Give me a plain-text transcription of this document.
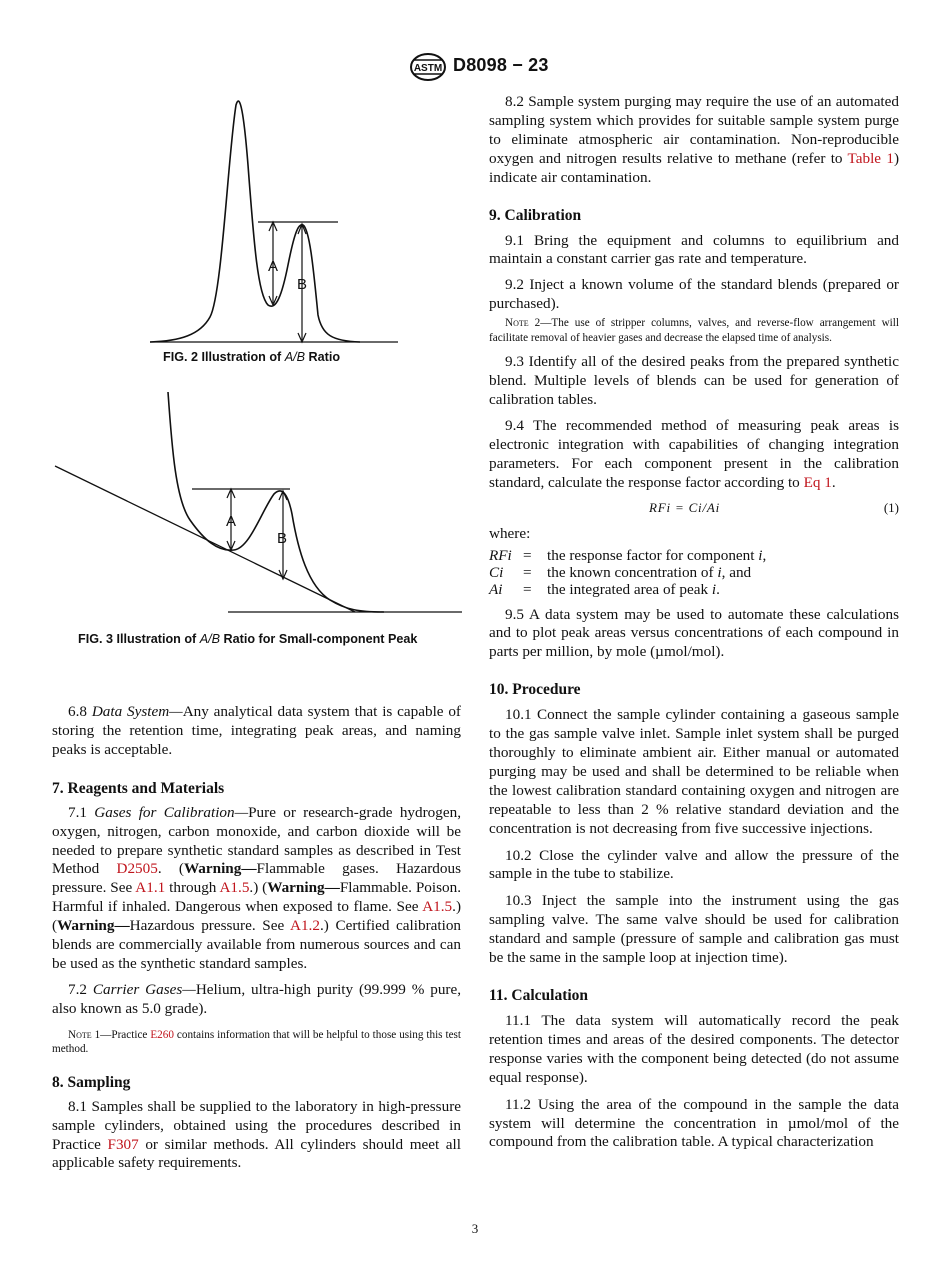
ASTM D8098 − 23
A
B
FIG. 2 Illustration of A/B Ratio
A
B
FIG. 3 Illustration of A/B Ratio for Small-component Peak

6.8 Data System—Any analytical data system that is capable of storing the retention time, integrating peak areas, and naming peaks is acceptable.

7. Reagents and Materials

7.1 Gases for Calibration—Pure or research-grade hydrogen, oxygen, nitrogen, carbon monoxide, and carbon dioxide will be needed to prepare synthetic standard samples as described in Test Method D2505. (Warning—Flammable gases. Hazardous pressure. See A1.1 through A1.5.) (Warning—Flammable. Poison. Harmful if inhaled. Dangerous when exposed to flame. See A1.5.) (Warning—Hazardous pressure. See A1.2.) Certified calibration blends are commercially available from numerous sources and can be used as the synthetic standard samples.

7.2 Carrier Gases—Helium, ultra-high purity (99.999 % pure, also known as 5.0 grade).

Note 1—Practice E260 contains information that will be helpful to those using this test method.

8. Sampling

8.1 Samples shall be supplied to the laboratory in high-pressure sample cylinders, obtained using the procedures described in Practice F307 or similar methods. All cylinders should meet all applicable safety requirements.

8.2 Sample system purging may require the use of an automated sampling system which provides for suitable sample system purge to eliminate atmospheric air contamination. Non-reproducible oxygen and nitrogen results relative to methane (refer to Table 1) indicate air contamination.

9. Calibration

9.1 Bring the equipment and columns to equilibrium and maintain a constant carrier gas rate and temperature.

9.2 Inject a known volume of the standard blends (prepared or purchased).

Note 2—The use of stripper columns, valves, and reverse-flow arrangement will facilitate removal of heavier gases and decrease the elapsed time of analysis.

9.3 Identify all of the desired peaks from the prepared synthetic blend. Multiple levels of blends can be used for generation of calibration tables.

9.4 The recommended method of measuring peak areas is electronic integration with capabilities of changing integration parameters. For each component present in the calibration standard, calculate the response factor according to Eq 1.

RFi = Ci/Ai	(1)
where:
RFi =	the response factor for component i,
Ci	=	the known concentration of i, and
Ai	=	the integrated area of peak i.

9.5 A data system may be used to automate these calculations and to plot peak areas versus concentrations of each compound in parts per million, by mole (µmol/mol).

10. Procedure

10.1 Connect the sample cylinder containing a gaseous sample to the gas sample valve inlet. Sample inlet system shall be purged thoroughly to eliminate ambient air. Either manual or automated purging may be used and shall be determined to be reliable when the lowest calibration standard containing oxygen and nitrogen are repeatable to less than 2 % relative standard deviation and the concentration is not decreasing from five successive injections.

10.2 Close the cylinder valve and allow the pressure of the sample in the tube to stabilize.

10.3 Inject the sample into the instrument using the gas sampling valve. The same valve should be used for calibration standard and sample (pressure of sample and calibration gas must be the same in the sample loop at injection time).

11. Calculation

11.1 The data system will automatically record the peak retention times and areas of the desired components. The detector response varies with the component being detected (do not assume equal response).

11.2 Using the area of the compound in the sample the data system will determine the concentration in µmol/mol of the compound from the calibration table. A typical characterization

3
